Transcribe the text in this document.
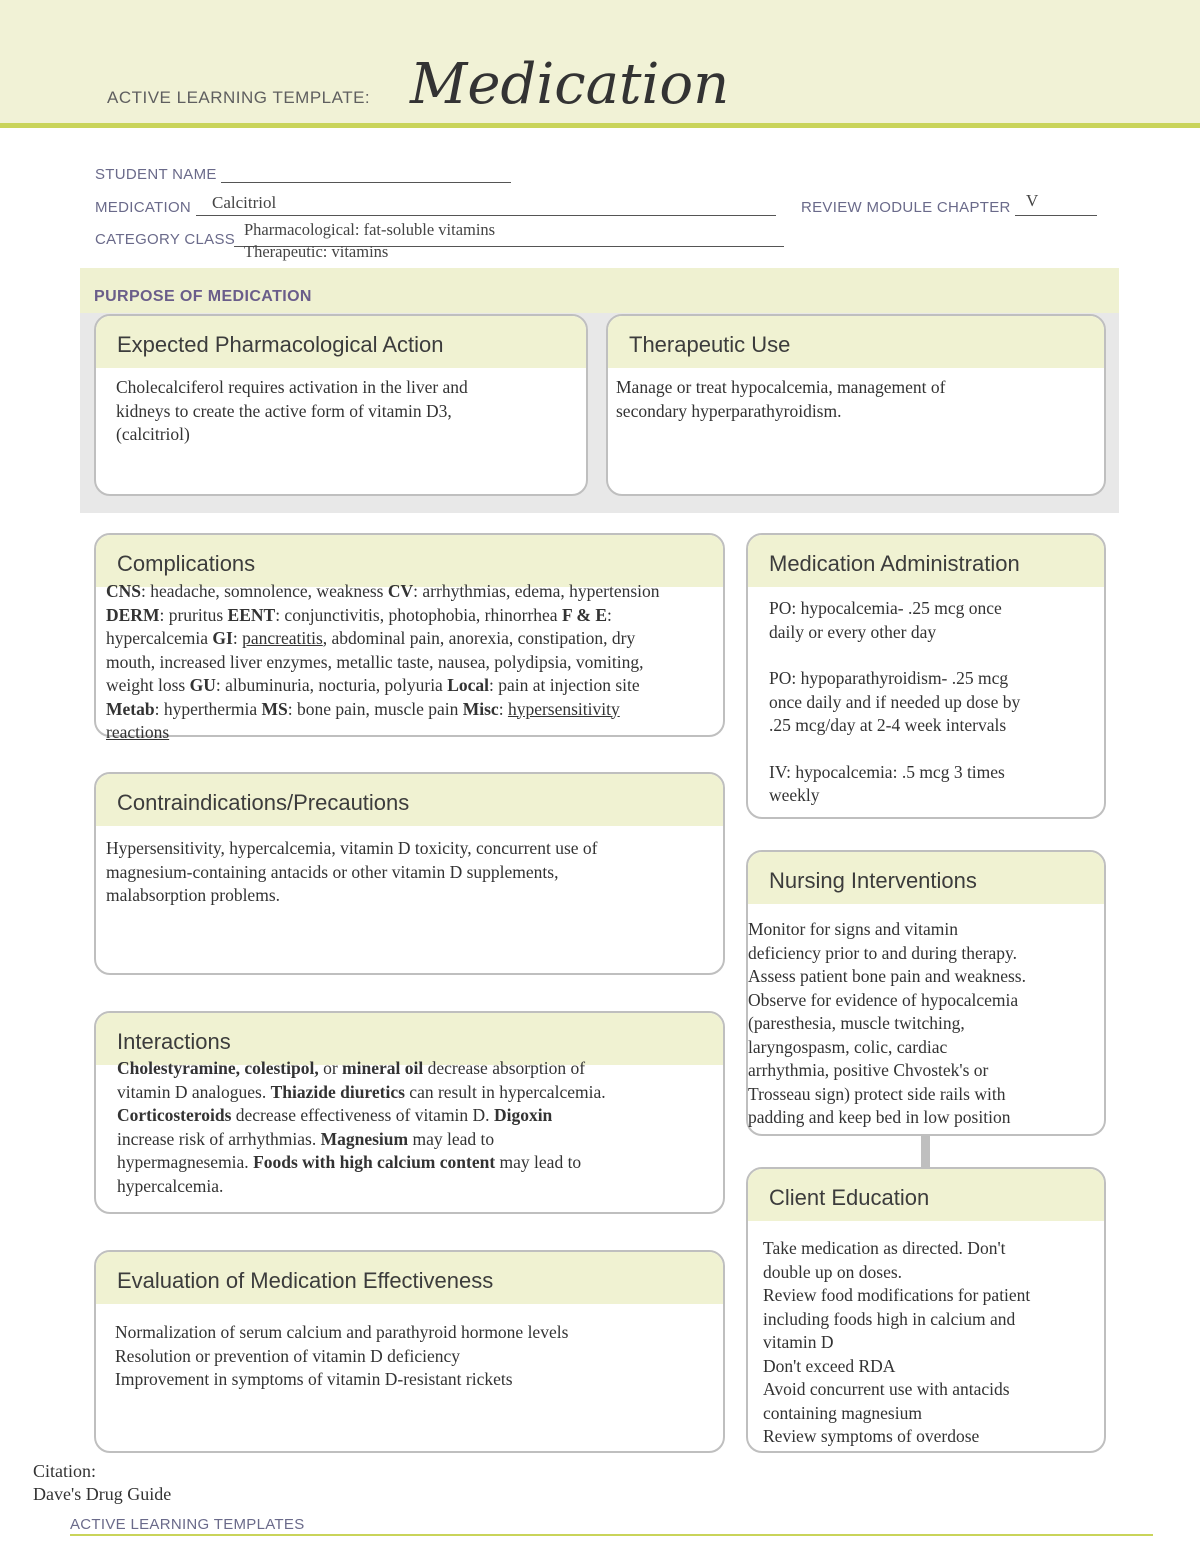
ACTIVE LEARNING TEMPLATE: Medication
STUDENT NAME
MEDICATION	Calcitriol	REVIEW MODULE CHAPTER V
CATEGORY CLASS
Pharmacological: fat-soluble vitamins
Therapeutic: vitamins
PURPOSE OF MEDICATION
Expected Pharmacological Action

Cholecalciferol requires activation in the liver and

kidneys to create the active form of vitamin D3,

(calcitriol)

Therapeutic Use

Manage or treat hypocalcemia, management of

secondary hyperparathyroidism.

Complications

CNS: headache, somnolence, weakness CV: arrhythmias, edema, hypertension

DERM: pruritus EENT: conjunctivitis, photophobia, rhinorrhea F & E:

hypercalcemia GI: pancreatitis, abdominal pain, anorexia, constipation, dry

mouth, increased liver enzymes, metallic taste, nausea, polydipsia, vomiting,

weight loss GU: albuminuria, nocturia, polyuria Local: pain at injection site

Metab: hyperthermia MS: bone pain, muscle pain Misc: hypersensitivity

reactions

Medication Administration

PO: hypocalcemia- .25 mcg once

daily or every other day

PO: hypoparathyroidism- .25 mcg

once daily and if needed up dose by

.25 mcg/day at 2-4 week intervals

IV: hypocalcemia: .5 mcg 3 times

weekly

Contraindications/Precautions

Hypersensitivity, hypercalcemia, vitamin D toxicity, concurrent use of

magnesium-containing antacids or other vitamin D supplements,

malabsorption problems.

Nursing Interventions

Monitor for signs and vitamin

deficiency prior to and during therapy.

Assess patient bone pain and weakness.

Observe for evidence of hypocalcemia

(paresthesia, muscle twitching,

laryngospasm, colic, cardiac

arrhythmia, positive Chvostek's or

Trosseau sign) protect side rails with

padding and keep bed in low position

Interactions

Cholestyramine, colestipol, or mineral oil decrease absorption of

vitamin D analogues. Thiazide diuretics can result in hypercalcemia.

Corticosteroids decrease effectiveness of vitamin D. Digoxin

increase risk of arrhythmias. Magnesium may lead to

hypermagnesemia. Foods with high calcium content may lead to

hypercalcemia.	Client Education

Take medication as directed. Don't

double up on doses.

Review food modifications for patient

including foods high in calcium and

vitamin D

Don't exceed RDA

Avoid concurrent use with antacids

containing magnesium

Review symptoms of overdose

Evaluation of Medication Effectiveness

Normalization of serum calcium and parathyroid hormone levels

Resolution or prevention of vitamin D deficiency

Improvement in symptoms of vitamin D-resistant rickets

Citation:
Dave's Drug Guide
ACTIVE LEARNING TEMPLATES
